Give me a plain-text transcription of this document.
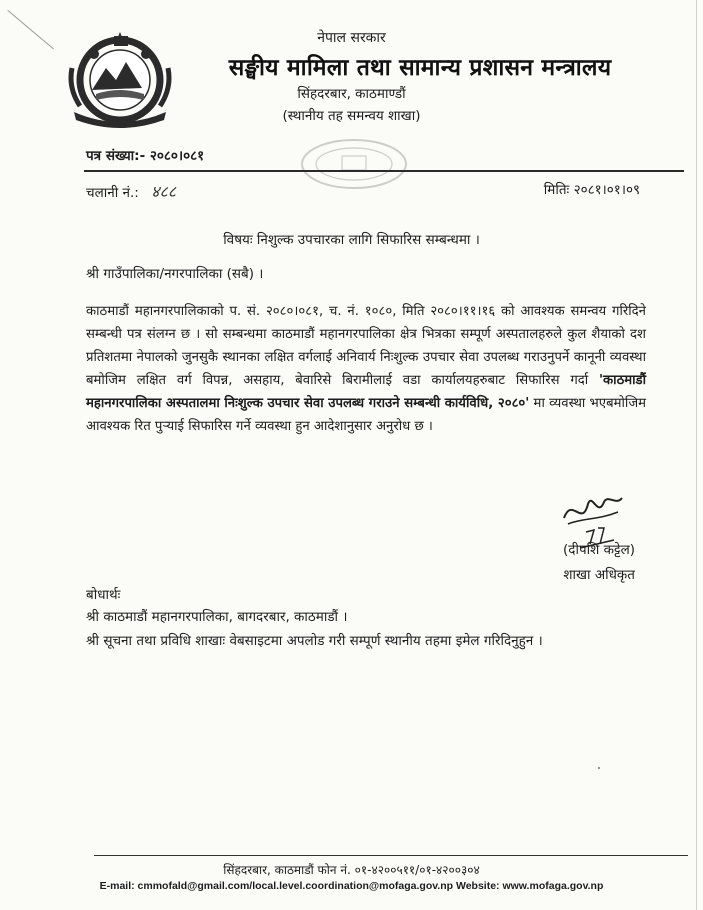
नेपाल सरकार
सङ्घीय मामिला तथा सामान्य प्रशासन मन्त्रालय
सिंहदरबार, काठमाण्डौं
(स्थानीय तह समन्वय शाखा)
पत्र संख्या:- २०८०।०८१
चलानी नं.: ४८८	मितिः २०८१।०१।०९
विषयः निशुल्क उपचारका लागि सिफारिस सम्बन्धमा ।
श्री गाउँपालिका/नगरपालिका (सबै) ।
काठमाडौं महानगरपालिकाको प. सं. २०८०।०८१, च. नं. १०८०, मिति २०८०।११।१६ को आवश्यक समन्वय गरिदिने सम्बन्धी पत्र संलग्न छ । सो सम्बन्धमा काठमाडौं महानगरपालिका क्षेत्र भित्रका सम्पूर्ण अस्पतालहरुले कुल शैयाको दश प्रतिशतमा नेपालको जुनसुकै स्थानका लक्षित वर्गलाई अनिवार्य निःशुल्क उपचार सेवा उपलब्ध गराउनुपर्ने कानूनी व्यवस्था बमोजिम लक्षित वर्ग विपन्न, असहाय, बेवारिसे बिरामीलाई वडा कार्यालयहरुबाट सिफारिस गर्दा 'काठमाडौं महानगरपालिका अस्पतालमा निःशुल्क उपचार सेवा उपलब्ध गराउने सम्बन्धी कार्यविधि, २०८०' मा व्यवस्था भएबमोजिम आवश्यक रित पुऱ्याई सिफारिस गर्ने व्यवस्था हुन आदेशानुसार अनुरोध छ ।
(दीपशि कट्टेल)
शाखा अधिकृत
बोधार्थः
श्री काठमाडौं महानगरपालिका, बागदरबार, काठमाडौं ।
श्री सूचना तथा प्रविधि शाखाः वेबसाइटमा अपलोड गरी सम्पूर्ण स्थानीय तहमा इमेल गरिदिनुहुन ।
सिंहदरबार, काठमाडौं फोन नं. ०१-४२००५११/०१-४२००३०४
E-mail: cmmofald@gmail.com/local.level.coordination@mofaga.gov.np Website: www.mofaga.gov.np
